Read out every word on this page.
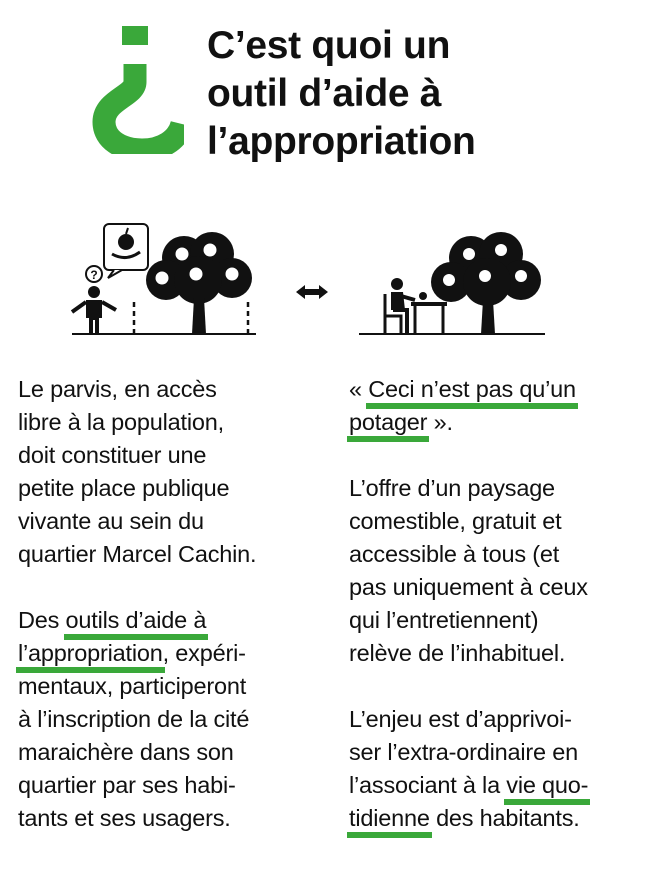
C’est quoi un
outil d’aide à
l’appropriation
?

Le parvis, en accès
libre à la population,
doit constituer une
petite place publique
vivante au sein du
quartier Marcel Cachin.

Des outils d’aide à
l’appropriation, expéri-
mentaux, participeront
à l’inscription de la cité
maraichère dans son
quartier par ses habi-
tants et ses usagers.

« Ceci n’est pas qu’un
potager ».

L’offre d’un paysage
comestible, gratuit et
accessible à tous (et
pas uniquement à ceux
qui l’entretiennent)
relève de l’inhabituel.

L’enjeu est d’apprivoi-
ser l’extra-ordinaire en
l’associant à la vie quo-
tidienne des habitants.
